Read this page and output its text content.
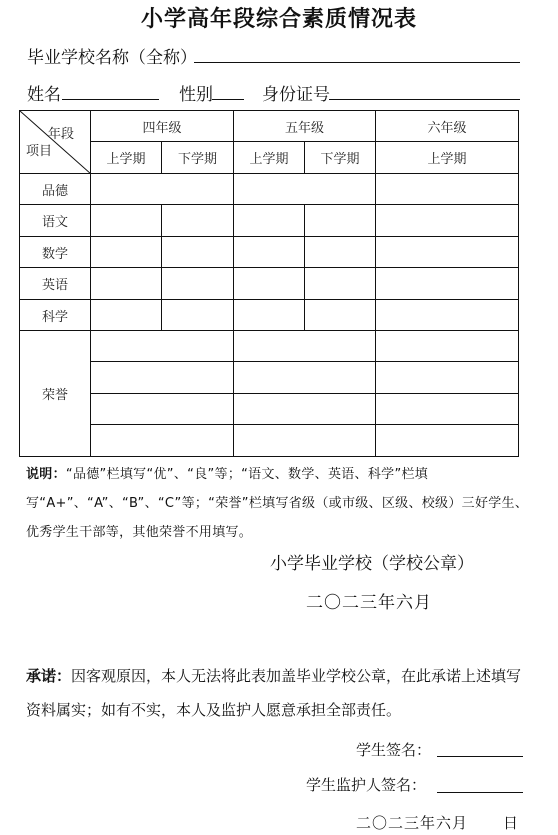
小学高年段综合素质情况表
毕业学校名称（全称）
姓名	性别	身份证号
年段
项目	四年级		五年级		六年级
	上学期	下学期	上学期	下学期	上学期
品德					
语文					
数学					
英语					
科学					
荣誉					

说明：“品德”栏填写“优”、“良”等；“语文、数学、英语、科学”栏填写“A+”、“A”、“B”、“C”等；“荣誉”栏填写省级（或市级、区级、校级）三好学生、优秀学生干部等，其他荣誉不用填写。
小学毕业学校（学校公章）
二〇二三年六月
承诺：因客观原因，本人无法将此表加盖毕业学校公章，在此承诺上述填写资料属实；如有不实，本人及监护人愿意承担全部责任。
学生签名：
学生监护人签名：
二〇二三年六月 日
